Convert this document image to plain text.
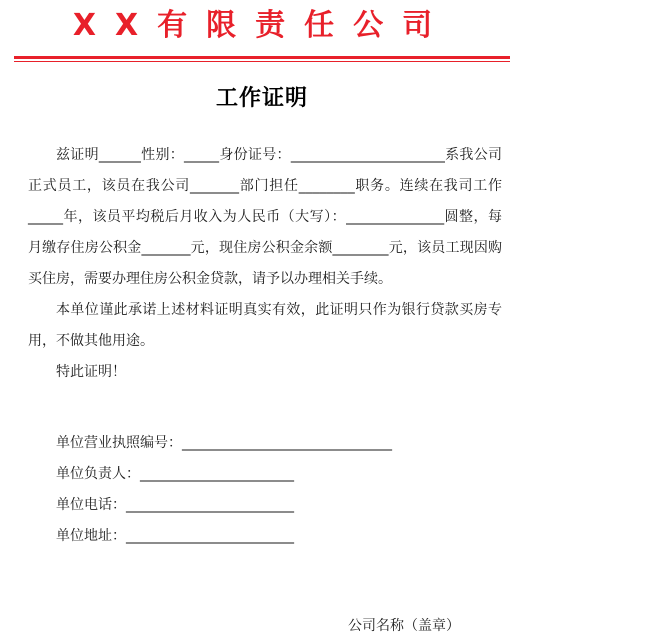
XX有限责任公司
工作证明

兹证明______性别：_____身份证号：______________________系我公司正式员工，该员在我公司_______部门担任________职务。连续在我司工作_____年，该员平均税后月收入为人民币（大写）：______________圆整，每月缴存住房公积金_______元，现住房公积金余额________元，该员工现因购买住房，需要办理住房公积金贷款，请予以办理相关手续。

本单位谨此承诺上述材料证明真实有效，此证明只作为银行贷款买房专用，不做其他用途。

特此证明！

单位营业执照编号：______________________________
单位负责人：______________________
单位电话：________________________
单位地址：________________________
公司名称（盖章）
